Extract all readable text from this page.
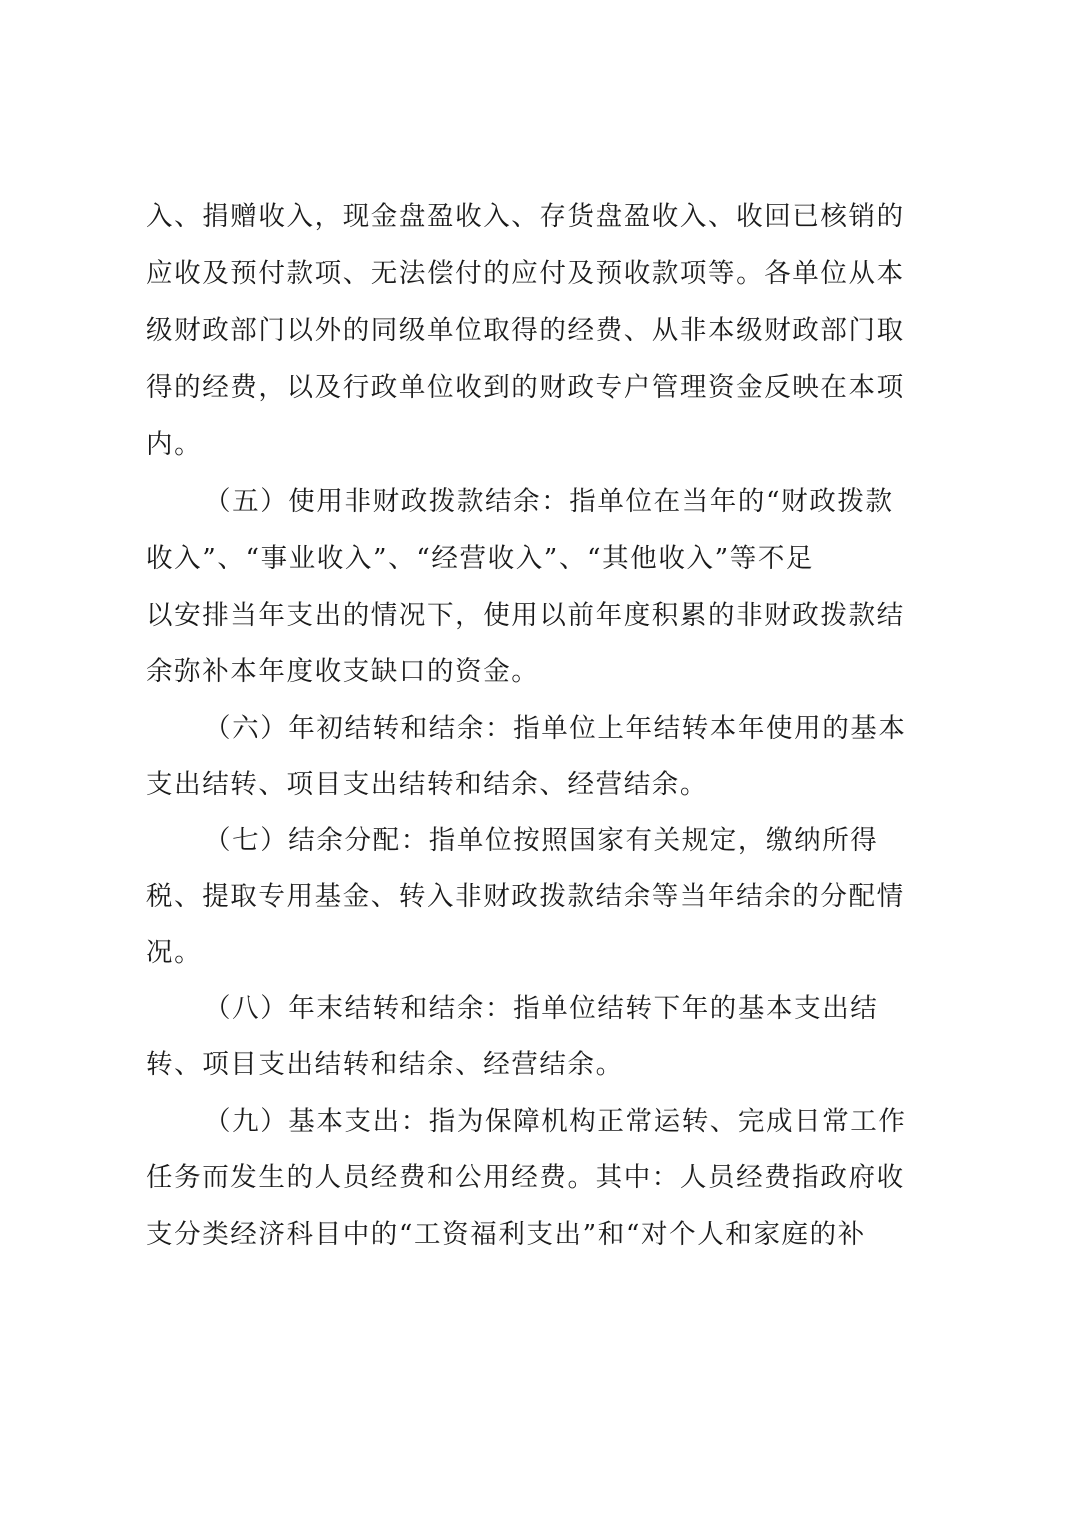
入、捐赠收入，现金盘盈收入、存货盘盈收入、收回已核销的
应收及预付款项、无法偿付的应付及预收款项等。各单位从本
级财政部门以外的同级单位取得的经费、从非本级财政部门取
得的经费，以及行政单位收到的财政专户管理资金反映在本项
内。
（五）使用非财政拨款结余：指单位在当年的“财政拨款
收入”、“事业收入”、“经营收入”、“其他收入”等不足
以安排当年支出的情况下，使用以前年度积累的非财政拨款结
余弥补本年度收支缺口的资金。
（六）年初结转和结余：指单位上年结转本年使用的基本
支出结转、项目支出结转和结余、经营结余。
（七）结余分配：指单位按照国家有关规定，缴纳所得
税、提取专用基金、转入非财政拨款结余等当年结余的分配情
况。
（八）年末结转和结余：指单位结转下年的基本支出结
转、项目支出结转和结余、经营结余。
（九）基本支出：指为保障机构正常运转、完成日常工作
任务而发生的人员经费和公用经费。其中：人员经费指政府收
支分类经济科目中的“工资福利支出”和“对个人和家庭的补
